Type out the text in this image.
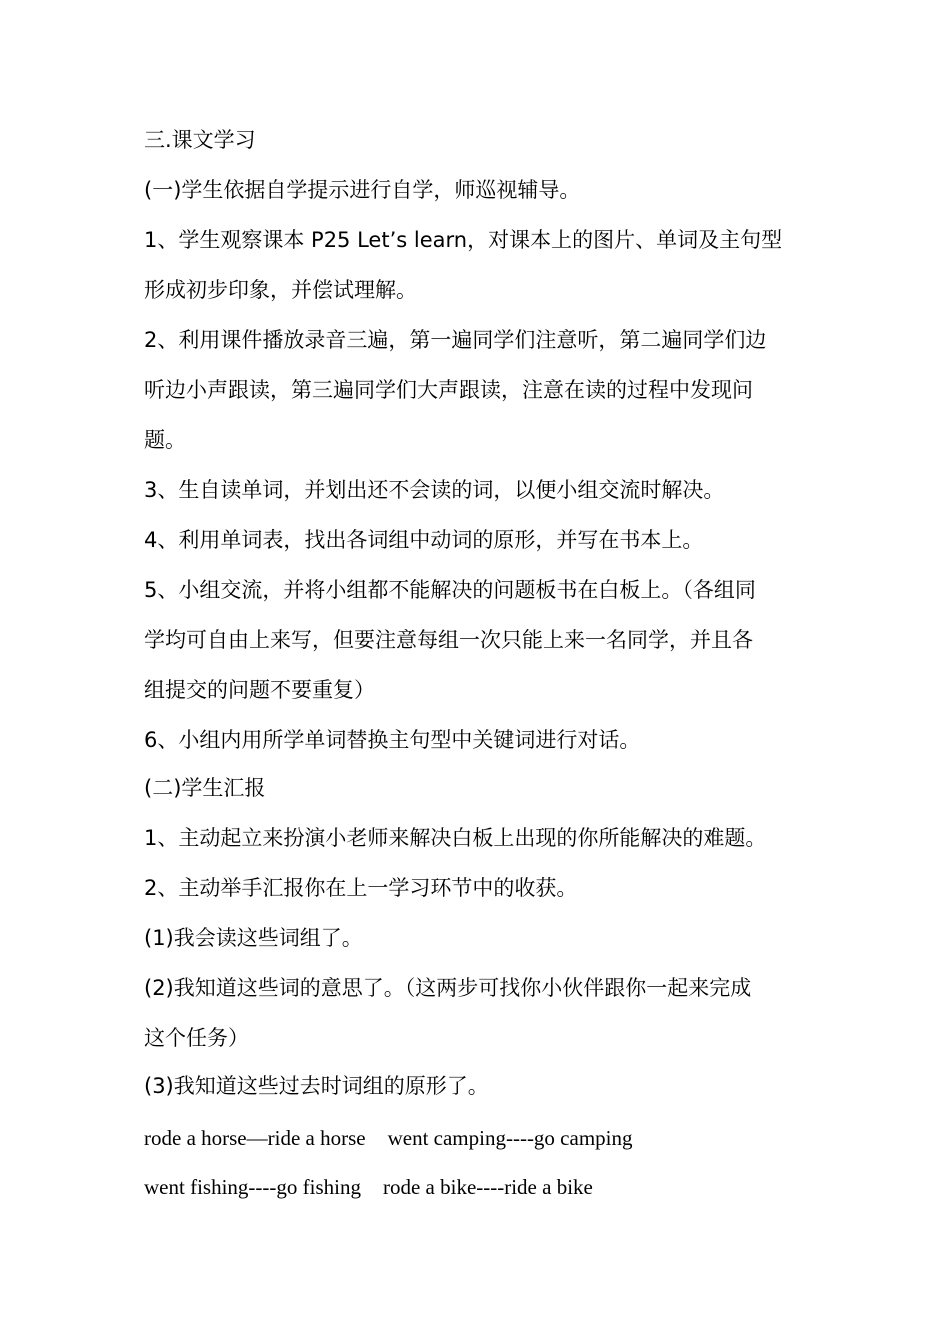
三.课文学习
(一)学生依据自学提示进行自学，师巡视辅导。
1、学生观察课本 P25 Let’s learn，对课本上的图片、单词及主句型
形成初步印象，并偿试理解。
2、利用课件播放录音三遍，第一遍同学们注意听，第二遍同学们边
听边小声跟读，第三遍同学们大声跟读，注意在读的过程中发现问
题。
3、生自读单词，并划出还不会读的词，以便小组交流时解决。
4、利用单词表，找出各词组中动词的原形，并写在书本上。
5、小组交流，并将小组都不能解决的问题板书在白板上。（各组同
学均可自由上来写，但要注意每组一次只能上来一名同学，并且各
组提交的问题不要重复）
6、小组内用所学单词替换主句型中关键词进行对话。
(二)学生汇报
1、主动起立来扮演小老师来解决白板上出现的你所能解决的难题。
2、主动举手汇报你在上一学习环节中的收获。
(1)我会读这些词组了。
(2)我知道这些词的意思了。（这两步可找你小伙伴跟你一起来完成
这个任务）
(3)我知道这些过去时词组的原形了。
rode a horse—ride a horse went camping----go camping
went fishing----go fishing rode a bike----ride a bike
